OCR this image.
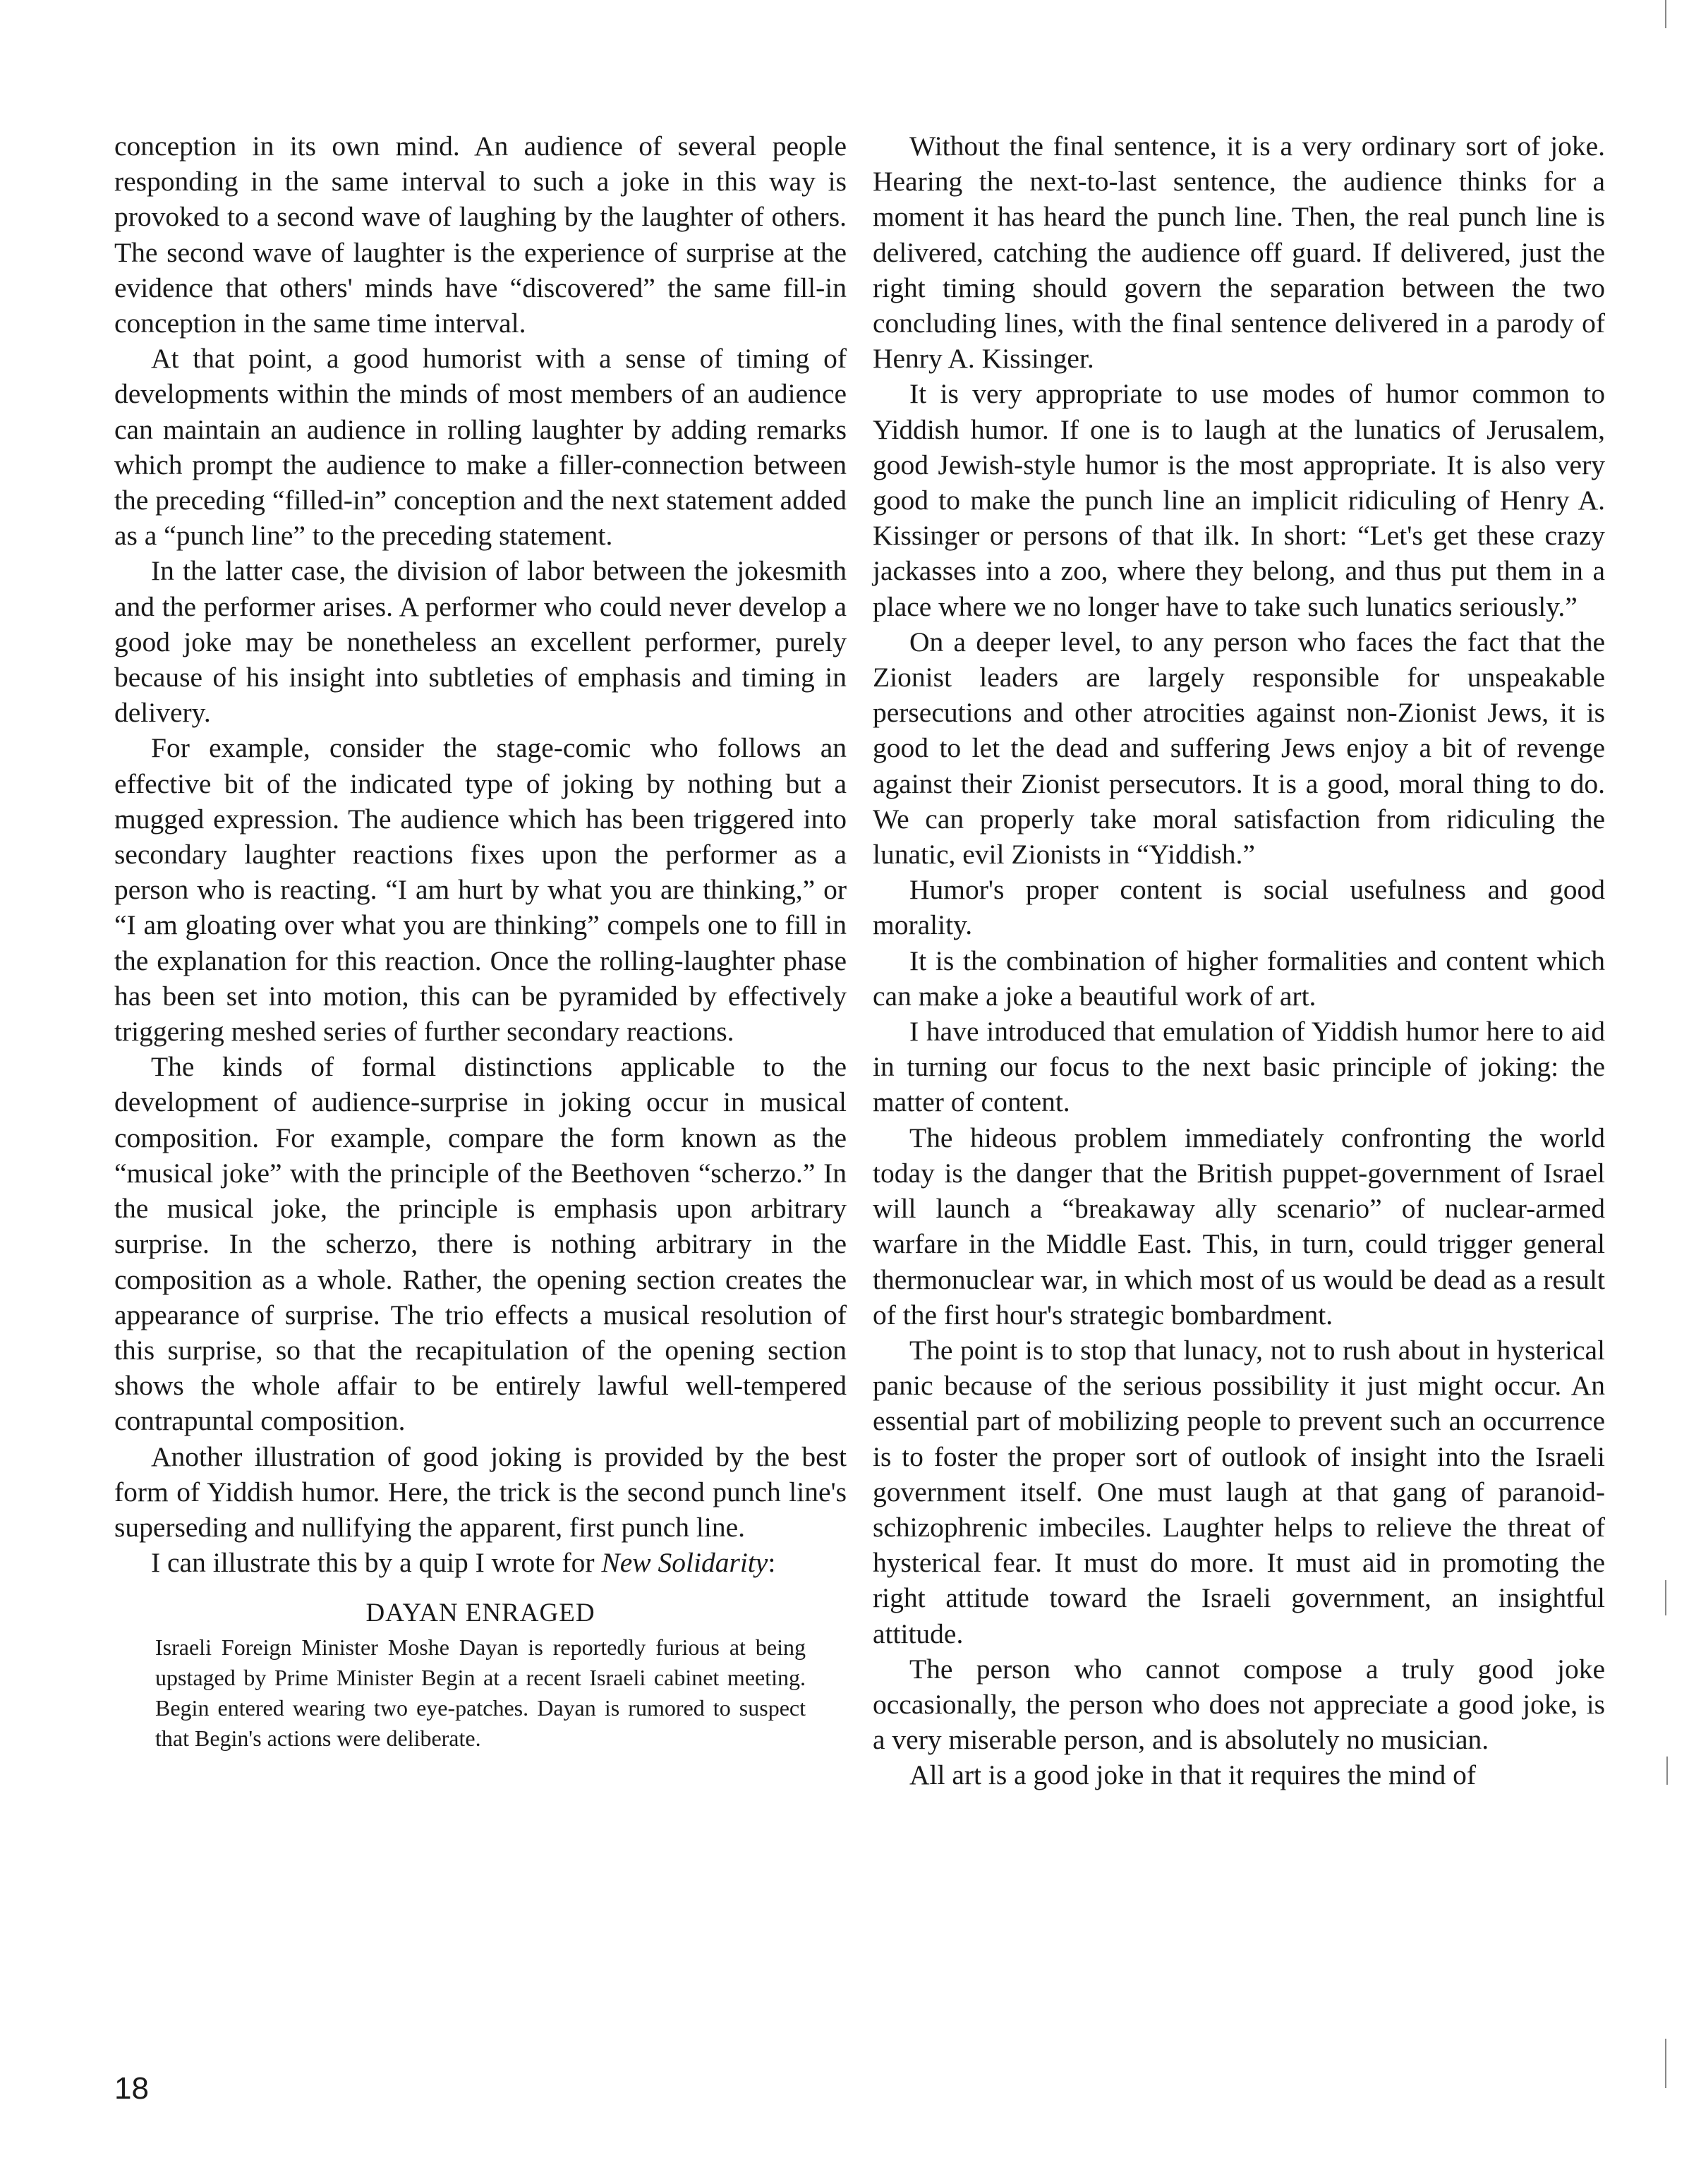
conception in its own mind. An audience of several people responding in the same interval to such a joke in this way is provoked to a second wave of laughing by the laughter of others. The second wave of laughter is the experience of surprise at the evidence that others' minds have “discovered” the same fill-in conception in the same time interval.

At that point, a good humorist with a sense of timing of developments within the minds of most members of an audience can maintain an audience in rolling laughter by adding remarks which prompt the audience to make a filler-connection between the preceding “filled-in” conception and the next statement added as a “punch line” to the preceding statement.

In the latter case, the division of labor between the jokesmith and the performer arises. A performer who could never develop a good joke may be nonetheless an excellent performer, purely because of his insight into subtleties of emphasis and timing in delivery.

For example, consider the stage-comic who follows an effective bit of the indicated type of joking by nothing but a mugged expression. The audience which has been triggered into secondary laughter reactions fixes upon the performer as a person who is reacting. “I am hurt by what you are thinking,” or “I am gloating over what you are thinking” compels one to fill in the explanation for this reaction. Once the rolling-laughter phase has been set into motion, this can be pyramided by effectively triggering meshed series of further secondary reactions.

The kinds of formal distinctions applicable to the development of audience-surprise in joking occur in musical composition. For example, compare the form known as the “musical joke” with the principle of the Beethoven “scherzo.” In the musical joke, the principle is emphasis upon arbitrary surprise. In the scherzo, there is nothing arbitrary in the composition as a whole. Rather, the opening section creates the appearance of surprise. The trio effects a musical resolution of this surprise, so that the recapitulation of the opening section shows the whole affair to be entirely lawful well-tempered contrapuntal composition.

Another illustration of good joking is provided by the best form of Yiddish humor. Here, the trick is the second punch line's superseding and nullifying the apparent, first punch line.

I can illustrate this by a quip I wrote for New Solidarity:

DAYAN ENRAGED
Israeli Foreign Minister Moshe Dayan is reportedly furious at being upstaged by Prime Minister Begin at a recent Israeli cabinet meeting. Begin entered wearing two eye-patches. Dayan is rumored to suspect that Begin's actions were deliberate.

Without the final sentence, it is a very ordinary sort of joke. Hearing the next-to-last sentence, the audience thinks for a moment it has heard the punch line. Then, the real punch line is delivered, catching the audience off guard. If delivered, just the right timing should govern the separation between the two concluding lines, with the final sentence delivered in a parody of Henry A. Kissinger.

It is very appropriate to use modes of humor common to Yiddish humor. If one is to laugh at the lunatics of Jerusalem, good Jewish-style humor is the most appropriate. It is also very good to make the punch line an implicit ridiculing of Henry A. Kissinger or persons of that ilk. In short: “Let's get these crazy jackasses into a zoo, where they belong, and thus put them in a place where we no longer have to take such lunatics seriously.”

On a deeper level, to any person who faces the fact that the Zionist leaders are largely responsible for unspeakable persecutions and other atrocities against non-Zionist Jews, it is good to let the dead and suffering Jews enjoy a bit of revenge against their Zionist persecutors. It is a good, moral thing to do. We can properly take moral satisfaction from ridiculing the lunatic, evil Zionists in “Yiddish.”

Humor's proper content is social usefulness and good morality.

It is the combination of higher formalities and content which can make a joke a beautiful work of art.

I have introduced that emulation of Yiddish humor here to aid in turning our focus to the next basic principle of joking: the matter of content.

The hideous problem immediately confronting the world today is the danger that the British puppet-government of Israel will launch a “breakaway ally scenario” of nuclear-armed warfare in the Middle East. This, in turn, could trigger general thermonuclear war, in which most of us would be dead as a result of the first hour's strategic bombardment.

The point is to stop that lunacy, not to rush about in hysterical panic because of the serious possibility it just might occur. An essential part of mobilizing people to prevent such an occurrence is to foster the proper sort of outlook of insight into the Israeli government itself. One must laugh at that gang of paranoid-schizophrenic imbeciles. Laughter helps to relieve the threat of hysterical fear. It must do more. It must aid in promoting the right attitude toward the Israeli government, an insightful attitude.

The person who cannot compose a truly good joke occasionally, the person who does not appreciate a good joke, is a very miserable person, and is absolutely no musician.

All art is a good joke in that it requires the mind of

18
